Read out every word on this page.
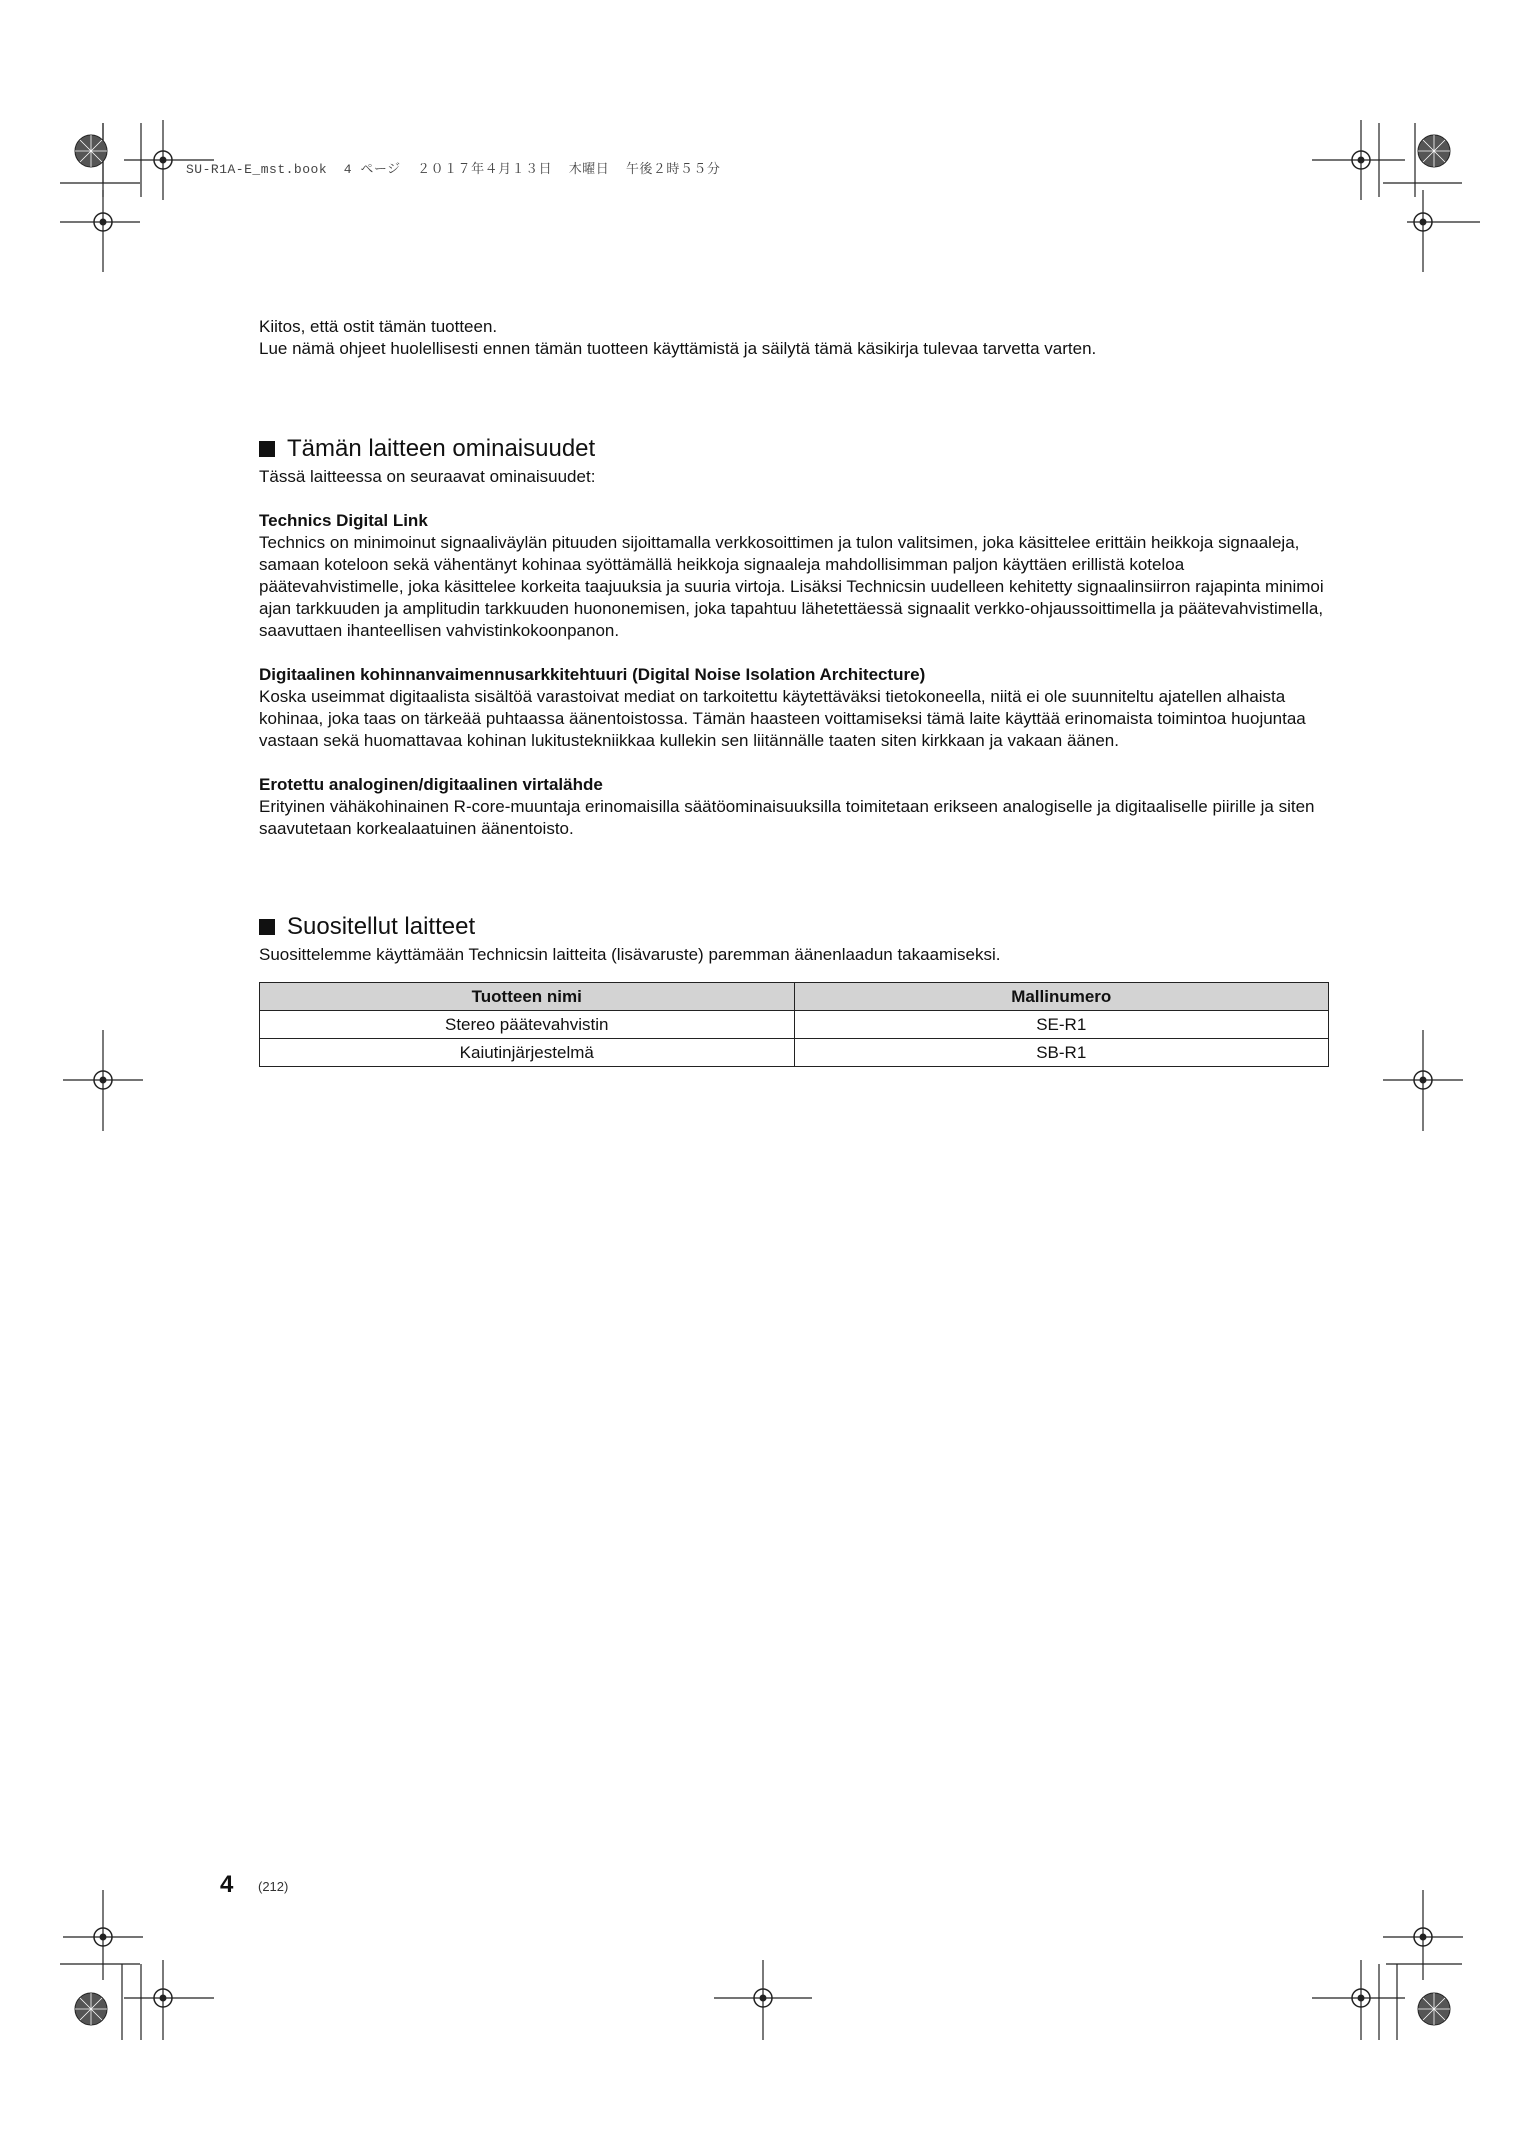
SU-R1A-E_mst.book  4 ページ  ２０１７年４月１３日  木曜日  午後２時５５分

Kiitos, että ostit tämän tuotteen.

Lue nämä ohjeet huolellisesti ennen tämän tuotteen käyttämistä ja säilytä tämä käsikirja tulevaa tarvetta varten.

Tämän laitteen ominaisuudet

Tässä laitteessa on seuraavat ominaisuudet:

Technics Digital Link

Technics on minimoinut signaaliväylän pituuden sijoittamalla verkkosoittimen ja tulon valitsimen, joka käsittelee erittäin heikkoja signaaleja, samaan koteloon sekä vähentänyt kohinaa syöttämällä heikkoja signaaleja mahdollisimman paljon käyttäen erillistä koteloa päätevahvistimelle, joka käsittelee korkeita taajuuksia ja suuria virtoja. Lisäksi Technicsin uudelleen kehitetty signaalinsiirron rajapinta minimoi ajan tarkkuuden ja amplitudin tarkkuuden huononemisen, joka tapahtuu lähetettäessä signaalit verkko-ohjaussoittimella ja päätevahvistimella, saavuttaen ihanteellisen vahvistinkokoonpanon.

Digitaalinen kohinnanvaimennusarkkitehtuuri (Digital Noise Isolation Architecture)

Koska useimmat digitaalista sisältöä varastoivat mediat on tarkoitettu käytettäväksi tietokoneella, niitä ei ole suunniteltu ajatellen alhaista kohinaa, joka taas on tärkeää puhtaassa äänentoistossa. Tämän haasteen voittamiseksi tämä laite käyttää erinomaista toimintoa huojuntaa vastaan sekä huomattavaa kohinan lukitustekniikkaa kullekin sen liitännälle taaten siten kirkkaan ja vakaan äänen.

Erotettu analoginen/digitaalinen virtalähde

Erityinen vähäkohinainen R-core-muuntaja erinomaisilla säätöominaisuuksilla toimitetaan erikseen analogiselle ja digitaaliselle piirille ja siten saavutetaan korkealaatuinen äänentoisto.

Suositellut laitteet

Suosittelemme käyttämään Technicsin laitteita (lisävaruste) paremman äänenlaadun takaamiseksi.

Tuotteen nimi	Mallinumero
Stereo päätevahvistin	SE-R1
Kaiutinjärjestelmä	SB-R1
4 (212)
